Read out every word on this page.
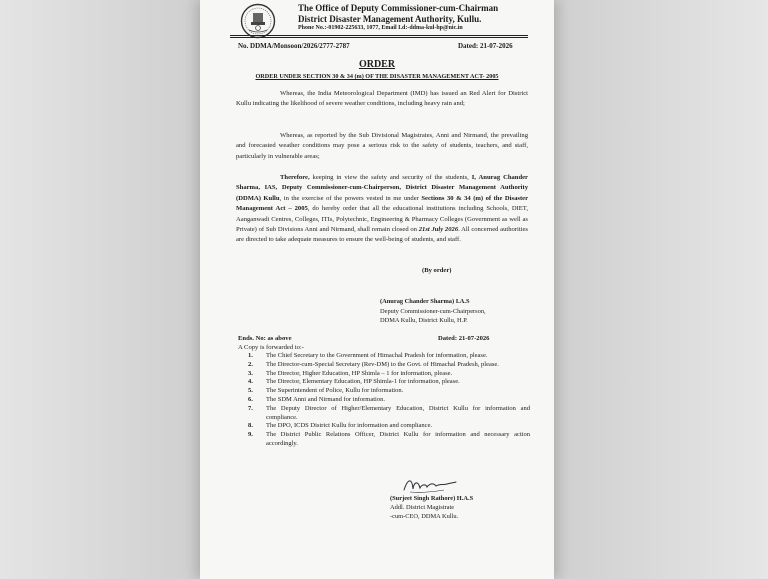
The Office of Deputy Commissioner-cum-Chairman
District Disaster Management Authority, Kullu.
Phone No.:-01902-225633, 1077, Email I.d:-ddma-kul-hp@nic.in
No. DDMA/Monsoon/2026/2777-2787	Dated: 21-07-2026
ORDER
ORDER UNDER SECTION 30 & 34 (m) OF THE DISASTER MANAGEMENT ACT- 2005

Whereas, the India Meteorological Department (IMD) has issued an Red Alert for District Kullu indicating the likelihood of severe weather conditions, including heavy rain and;

Whereas, as reported by the Sub Divisional Magistrates, Anni and Nirmand, the prevailing and forecasted weather conditions may pose a serious risk to the safety of students, teachers, and staff, particularly in vulnerable areas;

Therefore, keeping in view the safety and security of the students, I, Anurag Chander Sharma, IAS, Deputy Commissioner-cum-Chairperson, District Disaster Management Authority (DDMA) Kullu, in the exercise of the powers vested in me under Sections 30 & 34 (m) of the Disaster Management Act – 2005, do hereby order that all the educational institutions including Schools, DIET, Aanganwadi Centres, Colleges, ITIs, Polytechnic, Engineering & Pharmacy Colleges (Government as well as Private) of Sub Divisions Anni and Nirmand, shall remain closed on 21st July 2026. All concerned authorities are directed to take adequate measures to ensure the well-being of students, and staff.

(By order)
(Anurag Chander Sharma) I.A.S
Deputy Commissioner-cum-Chairperson,
DDMA Kullu, District Kullu, H.P.
Ends. No: as above	Dated: 21-07-2026
A Copy is forwarded to:-
1. The Chief Secretary to the Government of Himachal Pradesh for information, please.
2. The Director-cum-Special Secretary (Rev-DM) to the Govt. of Himachal Pradesh, please.
3. The Director, Higher Education, HP Shimla – 1 for information, please.
4. The Director, Elementary Education, HP Shimla-1 for information, please.
5. The Superintendent of Police, Kullu for information.
6. The SDM Anni and Nirmand for information.
7. The Deputy Director of Higher/Elementary Education, District Kullu for information and compliance.
8. The DPO, ICDS District Kullu for information and compliance.
9. The District Public Relations Officer, District Kullu for information and necessary action accordingly.
(Surjeet Singh Rathore) H.A.S
Addl. District Magistrate
-cum-CEO, DDMA Kullu.
